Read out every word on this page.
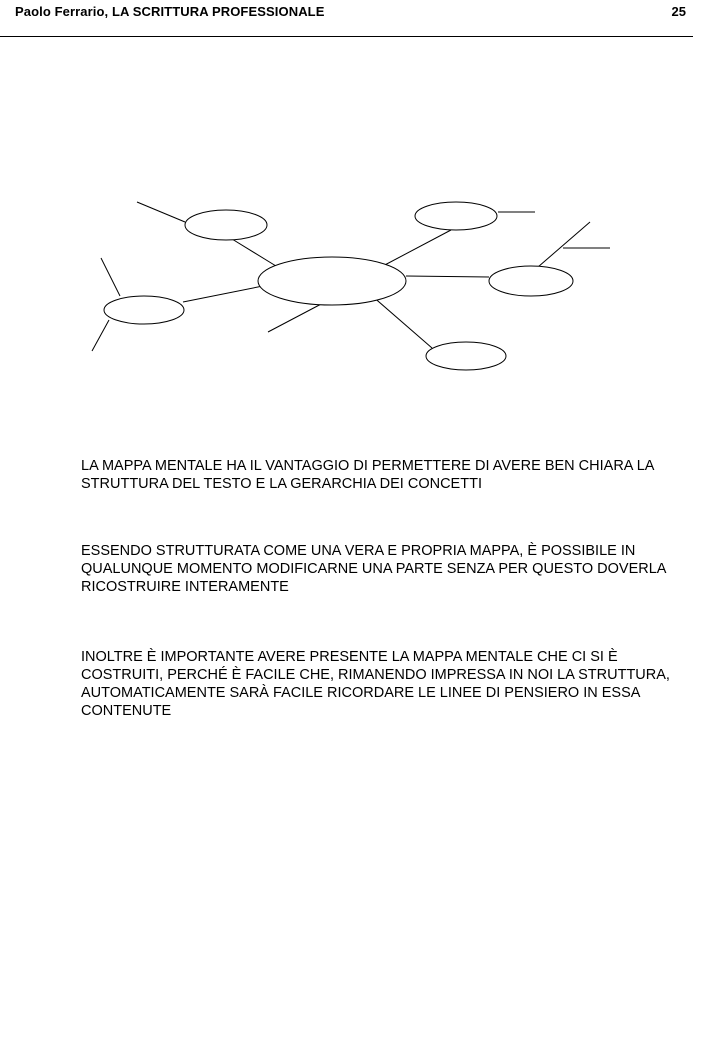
Paolo Ferrario, LA SCRITTURA PROFESSIONALE	25

LA MAPPA MENTALE HA IL VANTAGGIO DI PERMETTERE DI AVERE BEN CHIARA LA STRUTTURA DEL TESTO E LA GERARCHIA DEI CONCETTI

ESSENDO STRUTTURATA COME UNA VERA E PROPRIA MAPPA, È POSSIBILE IN QUALUNQUE MOMENTO MODIFICARNE UNA PARTE SENZA PER QUESTO DOVERLA RICOSTRUIRE INTERAMENTE

INOLTRE È IMPORTANTE AVERE PRESENTE LA MAPPA MENTALE CHE CI SI È COSTRUITI, PERCHÉ È FACILE CHE, RIMANENDO IMPRESSA IN NOI LA STRUTTURA, AUTOMATICAMENTE SARÀ FACILE RICORDARE LE LINEE DI PENSIERO IN ESSA CONTENUTE
